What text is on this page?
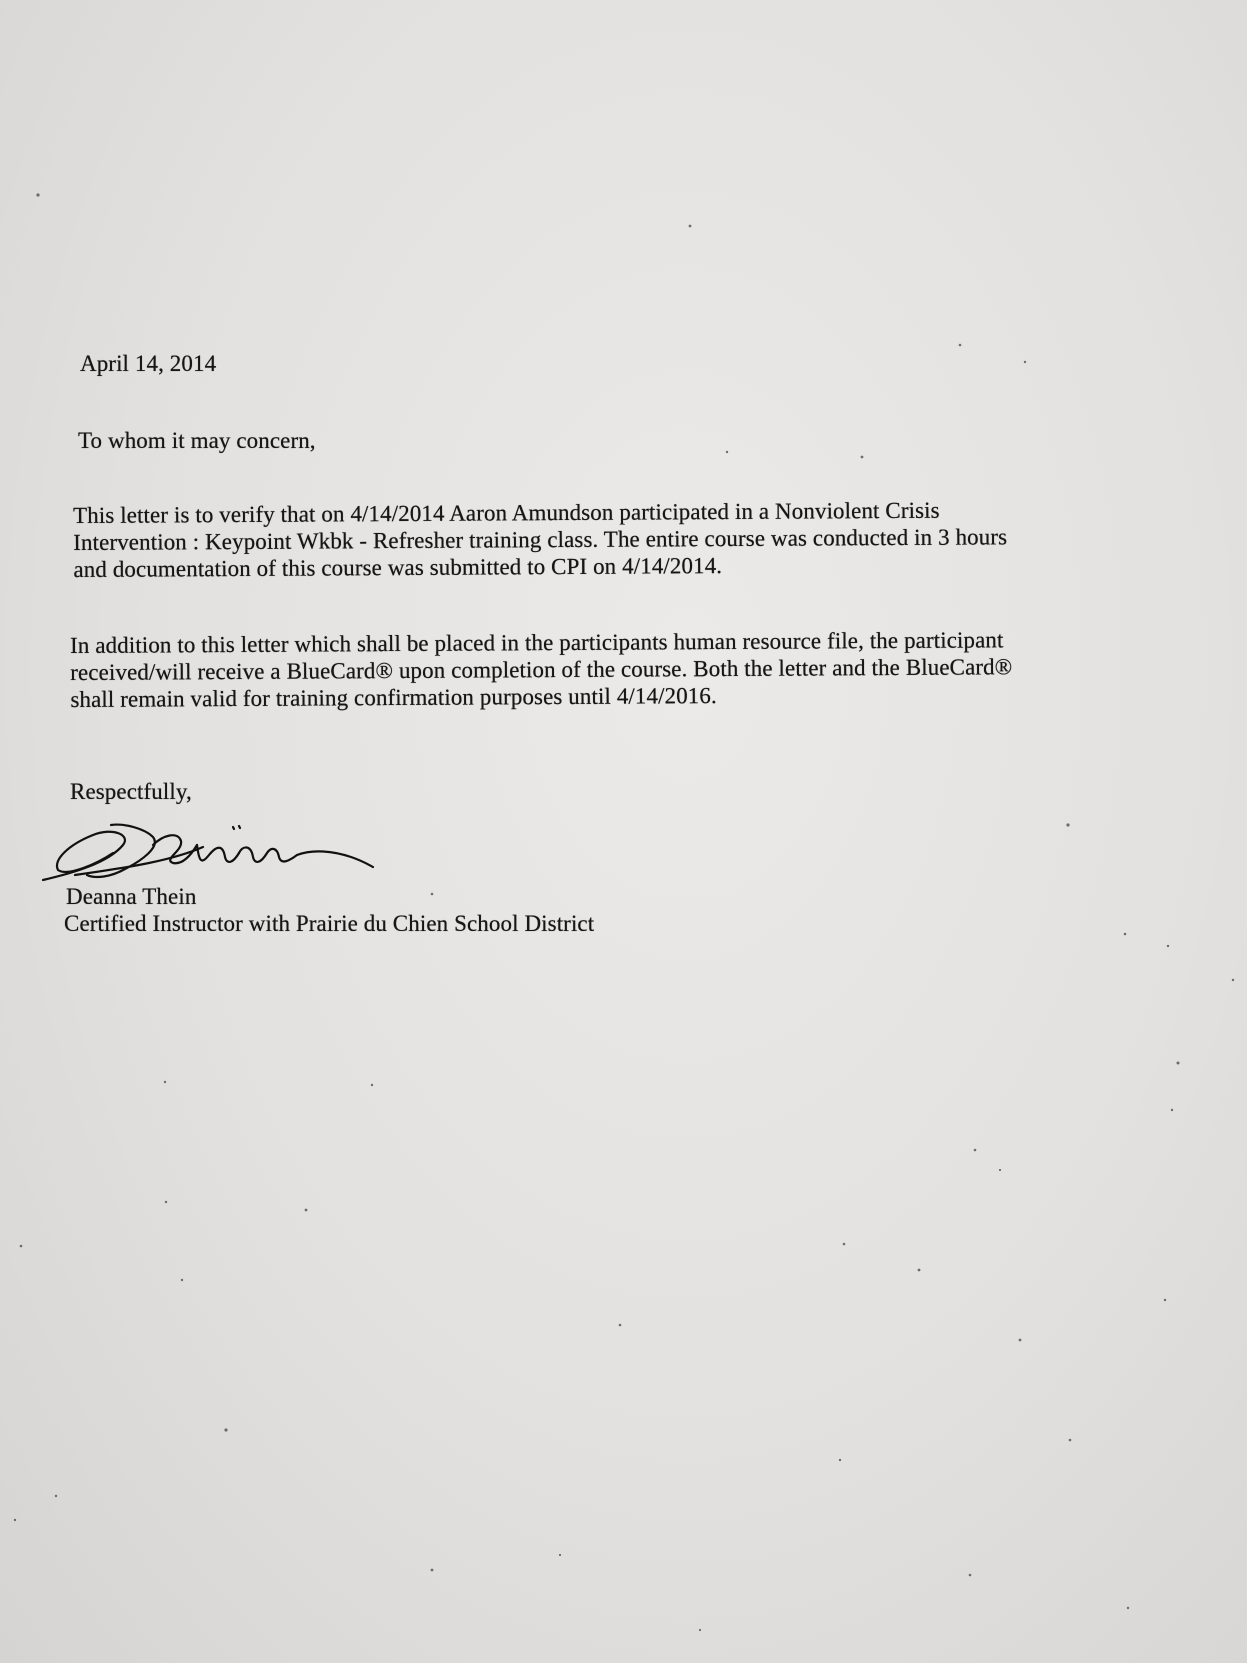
April 14, 2014
To whom it may concern,

This letter is to verify that on 4/14/2014 Aaron Amundson participated in a Nonviolent Crisis

Intervention : Keypoint Wkbk - Refresher training class. The entire course was conducted in 3 hours

and documentation of this course was submitted to CPI on 4/14/2014.

In addition to this letter which shall be placed in the participants human resource file, the participant

received/will receive a BlueCard® upon completion of the course. Both the letter and the BlueCard®

shall remain valid for training confirmation purposes until 4/14/2016.

Respectfully,
Deanna Thein
Certified Instructor with Prairie du Chien School District
